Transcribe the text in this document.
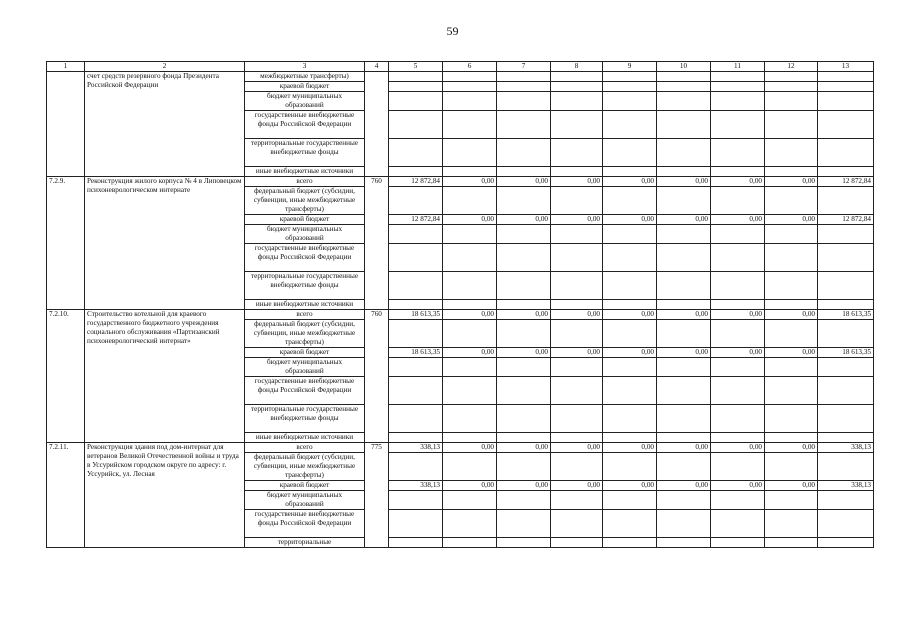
59
1	2	3	4	5	6	7	8	9	10	11	12	13
	счет средств резервного фонда Президента Российской Федерации	межбюджетные трансферты)										
		краевой бюджет										
		бюджет муниципальных образований										
		государственные внебюджетные фонды Российской Федерации										
		территориальные государственные внебюджетные фонды										
		иные внебюджетные источники										
7.2.9.	Реконструкция жилого корпуса № 4 в Липовецком психоневрологическом интернате	всего	760	12 872,84	0,00	0,00	0,00	0,00	0,00	0,00	0,00	12 872,84
		федеральный бюджет (субсидии, субвенции, иные межбюджетные трансферты)										
		краевой бюджет		12 872,84	0,00	0,00	0,00	0,00	0,00	0,00	0,00	12 872,84
		бюджет муниципальных образований										
		государственные внебюджетные фонды Российской Федерации										
		территориальные государственные внебюджетные фонды										
		иные внебюджетные источники										
7.2.10.	Строительство котельной для краевого государственного бюджетного учреждения социального обслуживания «Партизанский психоневрологический интернат»	всего	760	18 613,35	0,00	0,00	0,00	0,00	0,00	0,00	0,00	18 613,35
		федеральный бюджет (субсидии, субвенции, иные межбюджетные трансферты)										
		краевой бюджет		18 613,35	0,00	0,00	0,00	0,00	0,00	0,00	0,00	18 613,35
		бюджет муниципальных образований										
		государственные внебюджетные фонды Российской Федерации										
		территориальные государственные внебюджетные фонды										
		иные внебюджетные источники										
7.2.11.	Реконструкция здания под дом-интернат для ветеранов Великой Отечественной войны и труда в Уссурийском городском округе по адресу: г. Уссурийск, ул. Лесная	всего	775	338,13	0,00	0,00	0,00	0,00	0,00	0,00	0,00	338,13
		федеральный бюджет (субсидии, субвенции, иные межбюджетные трансферты)										
		краевой бюджет		338,13	0,00	0,00	0,00	0,00	0,00	0,00	0,00	338,13
		бюджет муниципальных образований										
		государственные внебюджетные фонды Российской Федерации										
		территориальные										
